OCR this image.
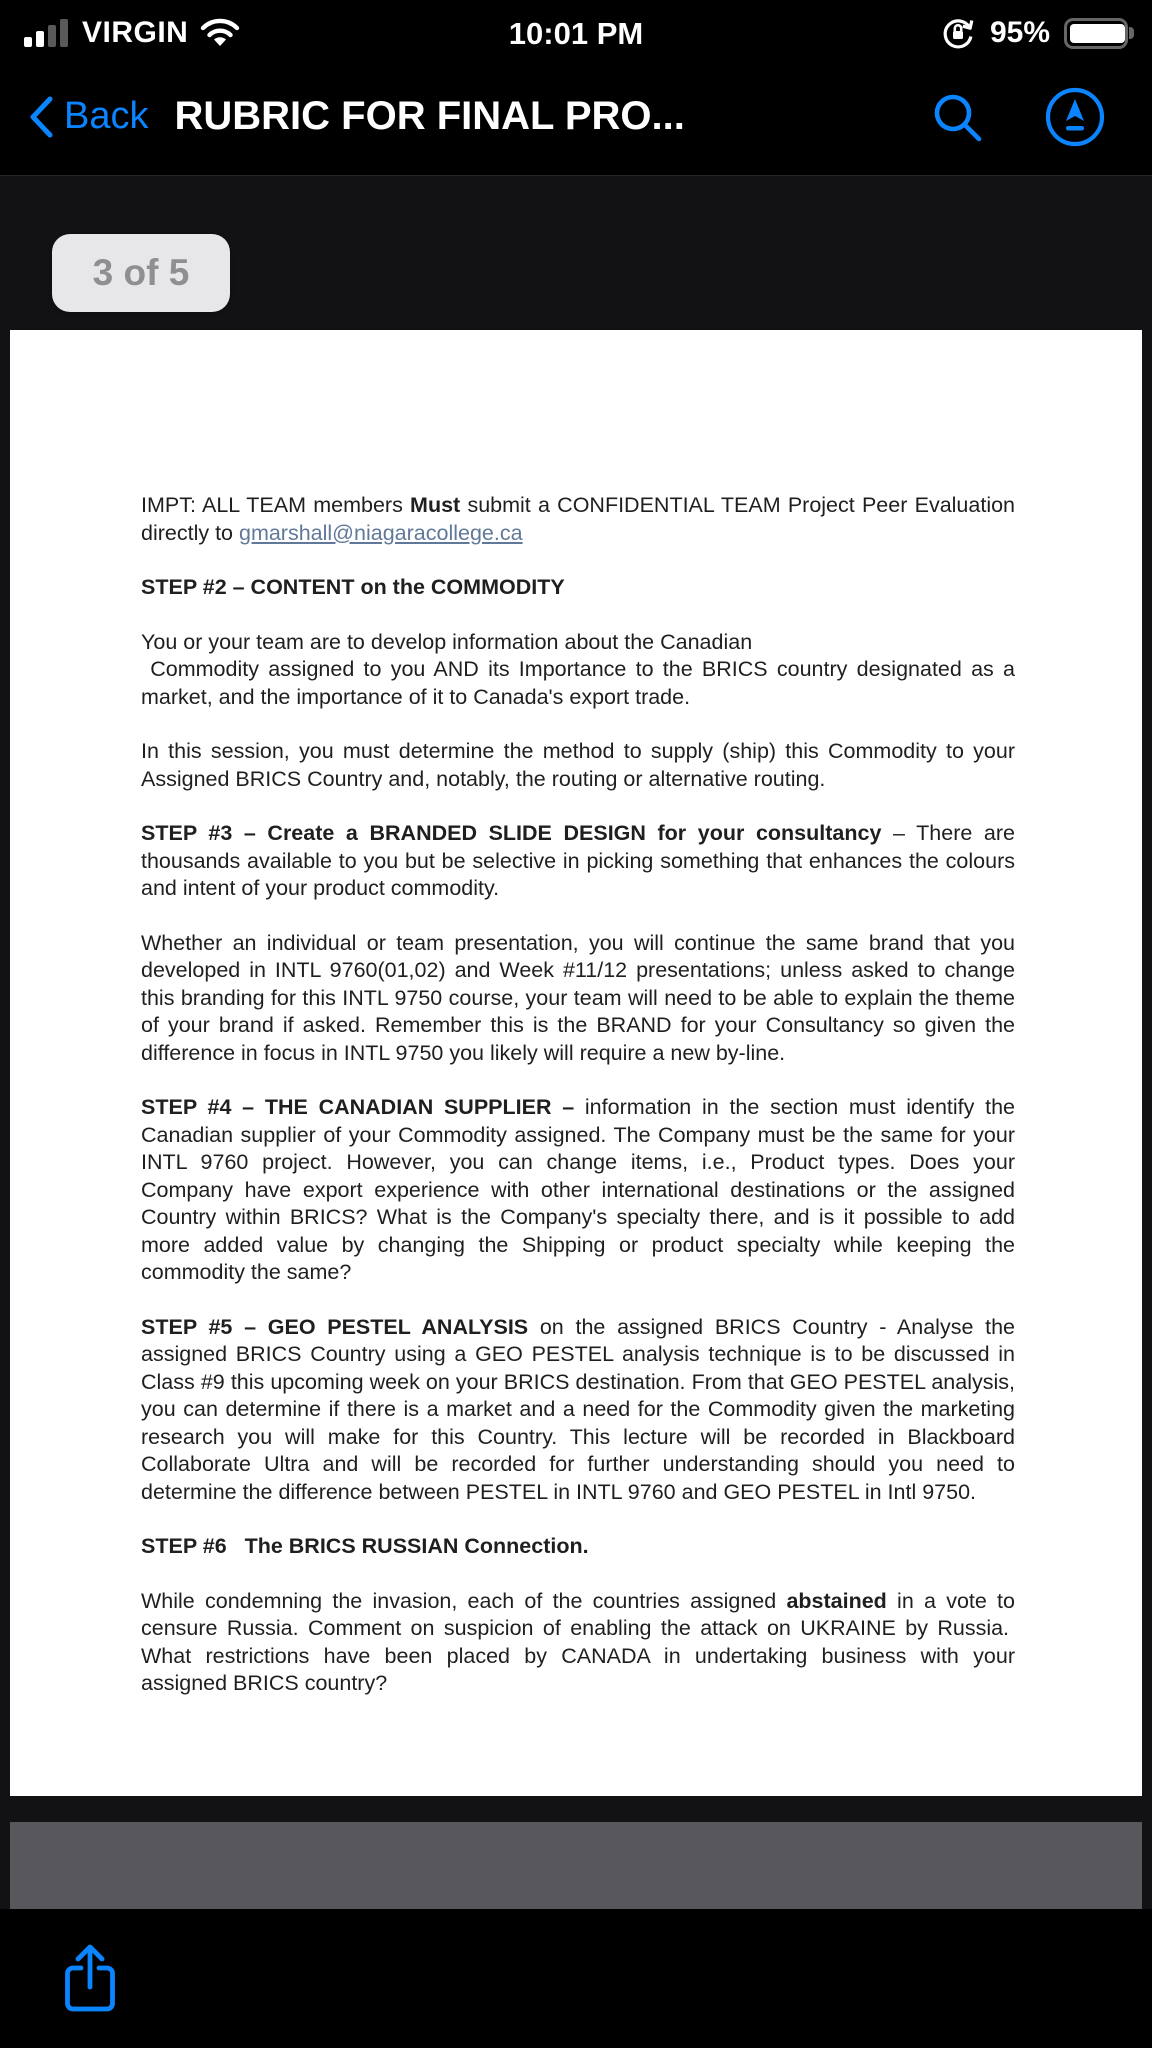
VIRGIN	10:01 PM	95%
Back RUBRIC FOR FINAL PRO...
3 of 5

IMPT: ALL TEAM members Must submit a CONFIDENTIAL TEAM Project Peer Evaluation directly to gmarshall@niagaracollege.ca

STEP #2 – CONTENT on the COMMODITY

You or your team are to develop information about the Canadian
Commodity assigned to you AND its Importance to the BRICS country designated as a market, and the importance of it to Canada's export trade.

In this session, you must determine the method to supply (ship) this Commodity to your Assigned BRICS Country and, notably, the routing or alternative routing.

STEP #3 – Create a BRANDED SLIDE DESIGN for your consultancy – There are thousands available to you but be selective in picking something that enhances the colours and intent of your product commodity.

Whether an individual or team presentation, you will continue the same brand that you developed in INTL 9760(01,02) and Week #11/12 presentations; unless asked to change this branding for this INTL 9750 course, your team will need to be able to explain the theme of your brand if asked. Remember this is the BRAND for your Consultancy so given the difference in focus in INTL 9750 you likely will require a new by-line.

STEP #4 – THE CANADIAN SUPPLIER – information in the section must identify the Canadian supplier of your Commodity assigned. The Company must be the same for your INTL 9760 project. However, you can change items, i.e., Product types. Does your Company have export experience with other international destinations or the assigned Country within BRICS? What is the Company's specialty there, and is it possible to add more added value by changing the Shipping or product specialty while keeping the commodity the same?

STEP #5 – GEO PESTEL ANALYSIS on the assigned BRICS Country - Analyse the assigned BRICS Country using a GEO PESTEL analysis technique is to be discussed in Class #9 this upcoming week on your BRICS destination. From that GEO PESTEL analysis, you can determine if there is a market and a need for the Commodity given the marketing research you will make for this Country. This lecture will be recorded in Blackboard Collaborate Ultra and will be recorded for further understanding should you need to determine the difference between PESTEL in INTL 9760 and GEO PESTEL in Intl 9750.

STEP #6   The BRICS RUSSIAN Connection.

While condemning the invasion, each of the countries assigned abstained in a vote to censure Russia. Comment on suspicion of enabling the attack on UKRAINE by Russia.  What restrictions have been placed by CANADA in undertaking business with your assigned BRICS country?
